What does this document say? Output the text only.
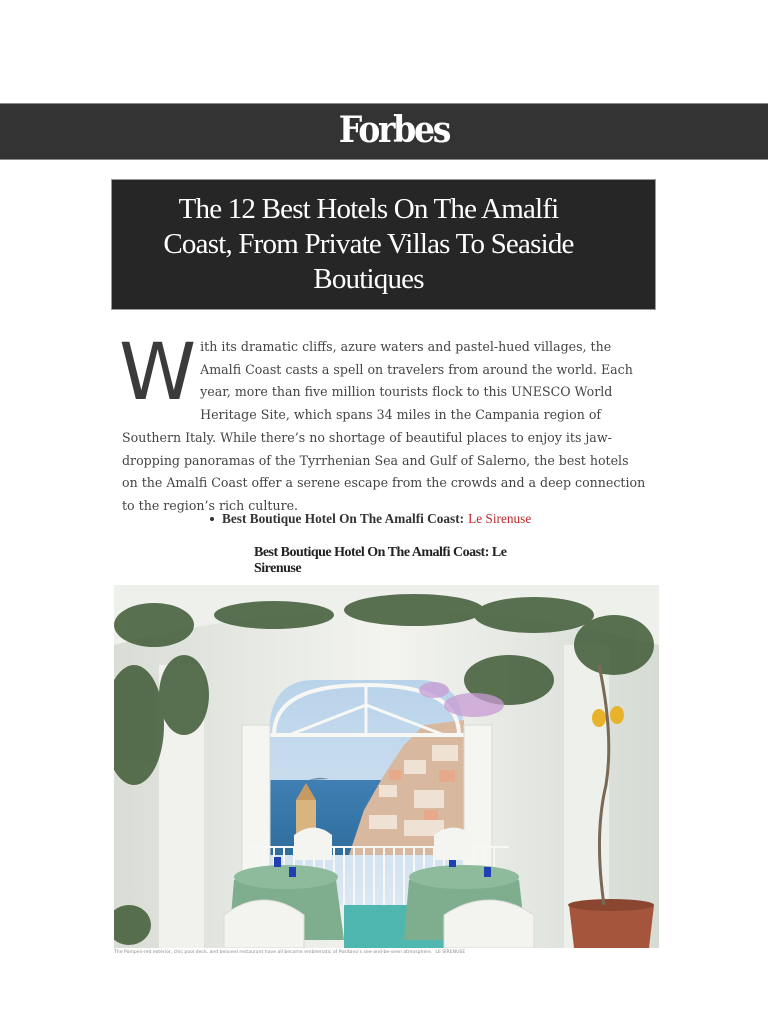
Forbes
The 12 Best Hotels On The Amalfi Coast, From Private Villas To Seaside Boutiques
W ith its dramatic cliffs, azure waters and pastel-hued villages, the Amalfi Coast casts a spell on travelers from around the world. Each year, more than five million tourists flock to this UNESCO World Heritage Site, which spans 34 miles in the Campania region of Southern Italy. While there’s no shortage of beautiful places to enjoy its jaw-dropping panoramas of the Tyrrhenian Sea and Gulf of Salerno, the best hotels on the Amalfi Coast offer a serene escape from the crowds and a deep connection to the region’s rich culture.
Best Boutique Hotel On The Amalfi Coast: Le Sirenuse
Best Boutique Hotel On The Amalfi Coast: Le Sirenuse
The Pompeii-red exterior, chic pool deck, and beloved restaurant have all become emblematic of Positano’s see-and-be-seen atmosphere. LE SIRENUSE
